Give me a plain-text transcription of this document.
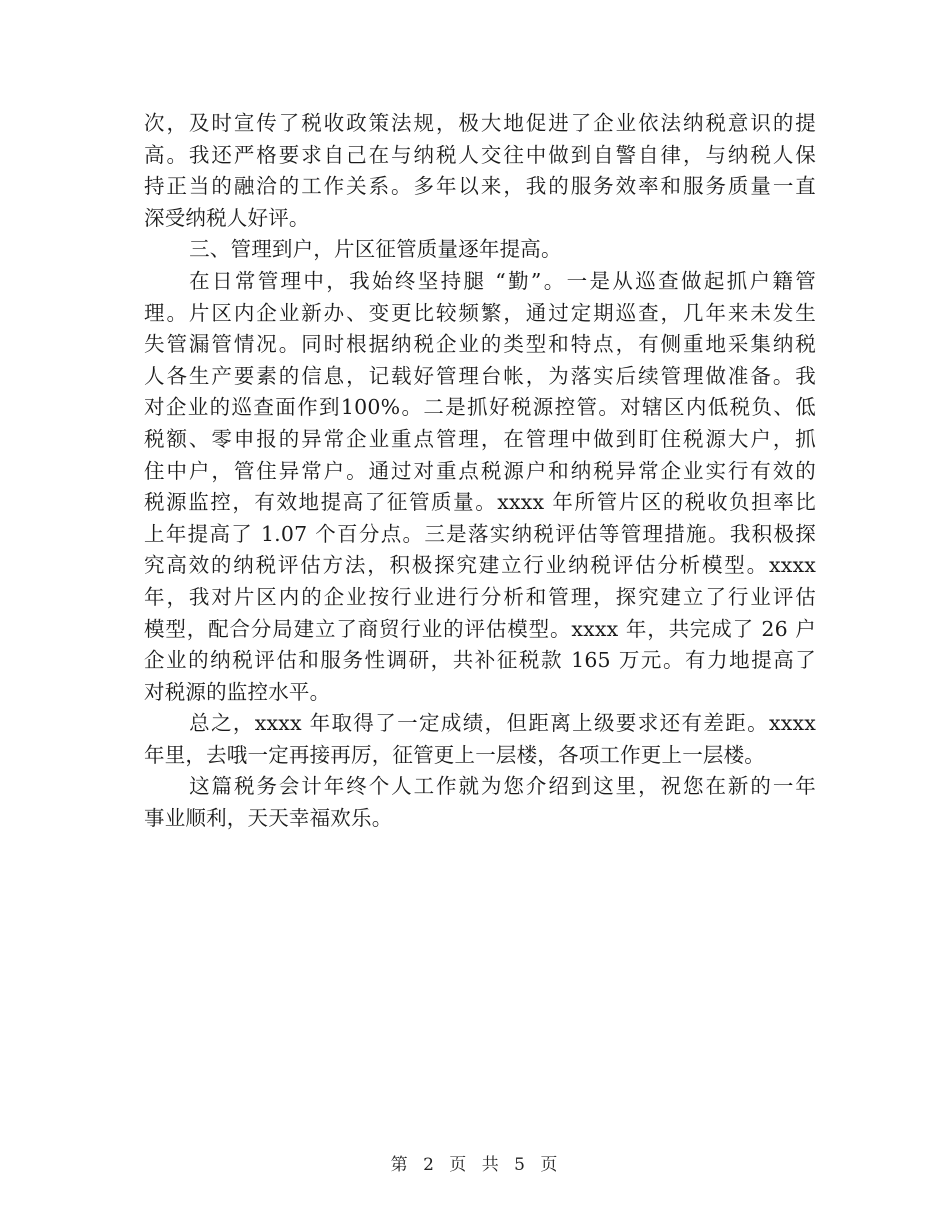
次，及时宣传了税收政策法规，极大地促进了企业依法纳税意识的提
高。我还严格要求自己在与纳税人交往中做到自警自律，与纳税人保
持正当的融洽的工作关系。多年以来，我的服务效率和服务质量一直
深受纳税人好评。

三、管理到户，片区征管质量逐年提高。

在日常管理中，我始终坚持腿 “勤”。一是从巡查做起抓户籍管
理。片区内企业新办、变更比较频繁，通过定期巡查，几年来未发生
失管漏管情况。同时根据纳税企业的类型和特点，有侧重地采集纳税
人各生产要素的信息，记载好管理台帐，为落实后续管理做准备。我
对企业的巡查面作到100%。二是抓好税源控管。对辖区内低税负、低
税额、零申报的异常企业重点管理，在管理中做到盯住税源大户，抓
住中户，管住异常户。通过对重点税源户和纳税异常企业实行有效的
税源监控，有效地提高了征管质量。xxxx 年所管片区的税收负担率比
上年提高了 1.07 个百分点。三是落实纳税评估等管理措施。我积极探
究高效的纳税评估方法，积极探究建立行业纳税评估分析模型。xxxx
年，我对片区内的企业按行业进行分析和管理，探究建立了行业评估
模型，配合分局建立了商贸行业的评估模型。xxxx 年，共完成了 26 户
企业的纳税评估和服务性调研，共补征税款 165 万元。有力地提高了
对税源的监控水平。

总之，xxxx 年取得了一定成绩，但距离上级要求还有差距。xxxx
年里，去哦一定再接再厉，征管更上一层楼，各项工作更上一层楼。

这篇税务会计年终个人工作就为您介绍到这里，祝您在新的一年
事业顺利，天天幸福欢乐。

第 2 页 共 5 页
